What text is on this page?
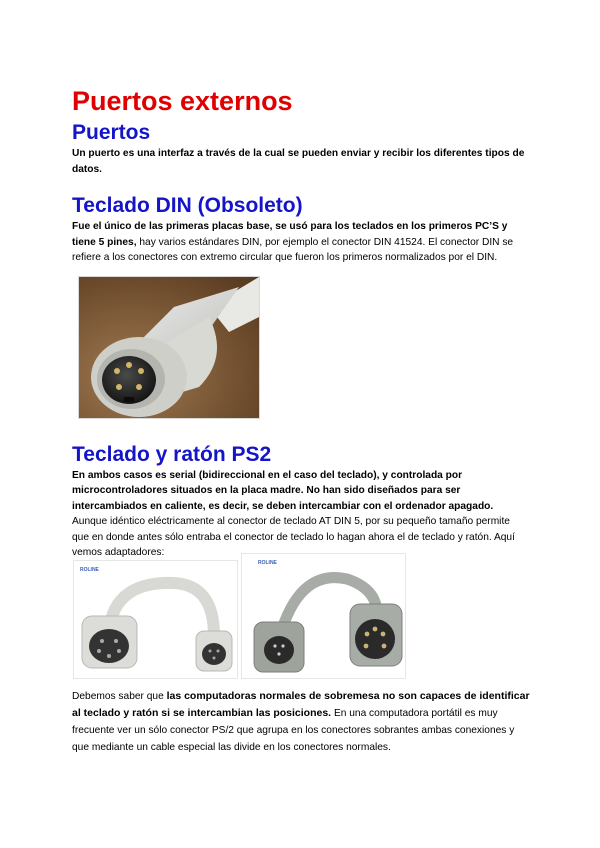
Puertos externos
Puertos

Un puerto es una interfaz a través de la cual se pueden enviar y recibir los diferentes tipos de datos.

Teclado DIN (Obsoleto)

Fue el único de las primeras placas base, se usó para los teclados en los primeros PC’S y tiene 5 pines, hay varios estándares DIN, por ejemplo el conector DIN 41524. El conector DIN se refiere a los conectores con extremo circular que fueron los primeros normalizados por el DIN.

Teclado y ratón PS2

En ambos casos es serial (bidireccional en el caso del teclado), y controlada por microcontroladores situados en la placa madre. No han sido diseñados para ser intercambiados en caliente, es decir, se deben intercambiar con el ordenador apagado. Aunque idéntico eléctricamente al conector de teclado AT DIN 5, por su pequeño tamaño permite que en donde antes sólo entraba el conector de teclado lo hagan ahora el de teclado y ratón. Aquí vemos adaptadores:

ROLINE
ROLINE

Debemos saber que las computadoras normales de sobremesa no son capaces de identificar al teclado y ratón si se intercambian las posiciones. En una computadora portátil es muy frecuente ver un sólo conector PS/2 que agrupa en los conectores sobrantes ambas conexiones y que mediante un cable especial las divide en los conectores normales.
